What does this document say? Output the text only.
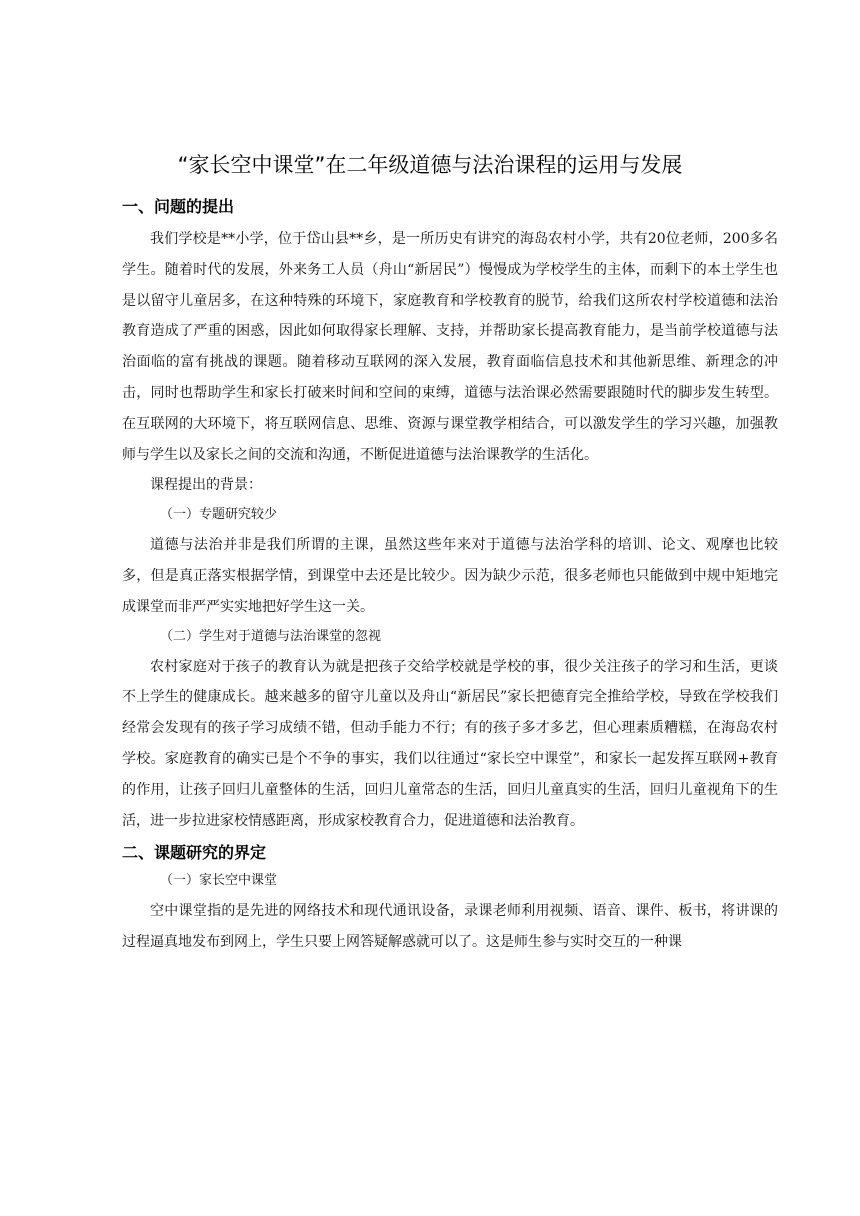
“家长空中课堂”在二年级道德与法治课程的运用与发展
一、问题的提出

我们学校是**小学，位于岱山县**乡，是一所历史有讲究的海岛农村小学，共有20位老师，200多名学生。随着时代的发展，外来务工人员（舟山“新居民”）慢慢成为学校学生的主体，而剩下的本土学生也是以留守儿童居多，在这种特殊的环境下，家庭教育和学校教育的脱节，给我们这所农村学校道德和法治教育造成了严重的困惑，因此如何取得家长理解、支持，并帮助家长提高教育能力，是当前学校道德与法治面临的富有挑战的课题。随着移动互联网的深入发展，教育面临信息技术和其他新思维、新理念的冲击，同时也帮助学生和家长打破来时间和空间的束缚，道德与法治课必然需要跟随时代的脚步发生转型。在互联网的大环境下，将互联网信息、思维、资源与课堂教学相结合，可以激发学生的学习兴趣，加强教师与学生以及家长之间的交流和沟通，不断促进道德与法治课教学的生活化。

课程提出的背景：

（一）专题研究较少

道德与法治并非是我们所谓的主课，虽然这些年来对于道德与法治学科的培训、论文、观摩也比较多，但是真正落实根据学情，到课堂中去还是比较少。因为缺少示范，很多老师也只能做到中规中矩地完成课堂而非严严实实地把好学生这一关。

（二）学生对于道德与法治课堂的忽视

农村家庭对于孩子的教育认为就是把孩子交给学校就是学校的事，很少关注孩子的学习和生活，更谈不上学生的健康成长。越来越多的留守儿童以及舟山“新居民”家长把德育完全推给学校，导致在学校我们经常会发现有的孩子学习成绩不错，但动手能力不行；有的孩子多才多艺，但心理素质糟糕，在海岛农村学校。家庭教育的确实已是个不争的事实，我们以往通过“家长空中课堂”，和家长一起发挥互联网+教育的作用，让孩子回归儿童整体的生活，回归儿童常态的生活，回归儿童真实的生活，回归儿童视角下的生活，进一步拉进家校情感距离，形成家校教育合力，促进道德和法治教育。

二、课题研究的界定

（一）家长空中课堂

空中课堂指的是先进的网络技术和现代通讯设备，录课老师利用视频、语音、课件、板书，将讲课的过程逼真地发布到网上，学生只要上网答疑解惑就可以了。这是师生参与实时交互的一种课
